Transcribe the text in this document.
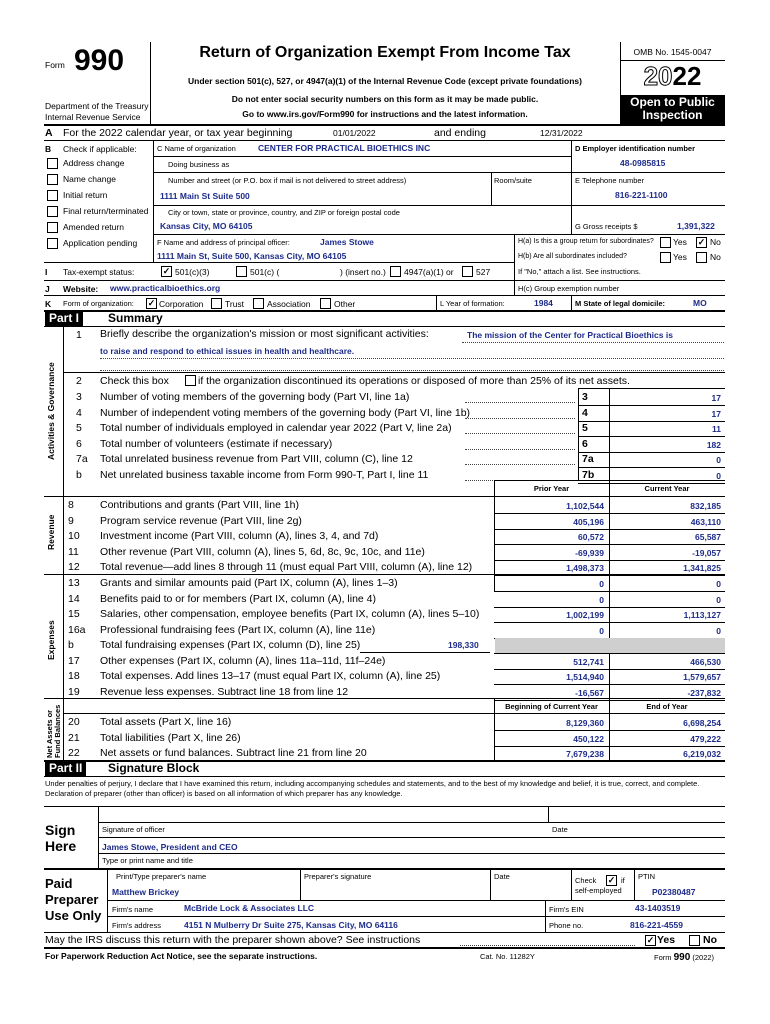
Form 990
Department of the Treasury
Internal Revenue Service
Return of Organization Exempt From Income Tax
Under section 501(c), 527, or 4947(a)(1) of the Internal Revenue Code (except private foundations)
Do not enter social security numbers on this form as it may be made public.
Go to www.irs.gov/Form990 for instructions and the latest information.
OMB No. 1545-0047
2022
Open to Public
Inspection
A For the 2022 calendar year, or tax year beginning	01/01/2022	and ending	12/31/2022
B Check if applicable:
Address change
Name change
Initial return
Final return/terminated
Amended return
Application pending
C Name of organization	CENTER FOR PRACTICAL BIOETHICS INC
Doing business as
Number and street (or P.O. box if mail is not delivered to street address)	Room/suite
1111 Main St Suite 500
City or town, state or province, country, and ZIP or foreign postal code
Kansas City, MO 64105
F Name and address of principal officer:	James Stowe
1111 Main St, Suite 500, Kansas City, MO 64105
D Employer identification number
48-0985815
E Telephone number
816-221-1100
G Gross receipts $	1,391,322
H(a) Is this a group return for subordinates? Yes ✓ No
H(b) Are all subordinates included?	Yes	No
If "No," attach a list. See instructions.
I Tax-exempt status:	✓ 501(c)(3)	501(c) (	) (insert no.) 4947(a)(1) or	527
J Website: www.practicalbioethics.org	H(c) Group exemption number
K Form of organization: ✓ Corporation	Trust	Association	Other	L Year of formation:	1984	M State of legal domicile:	MO
Part I	Summary
Activities & Governance
Revenue
Expenses
Net Assets or Fund Balances
1 Briefly describe the organization's mission or most significant activities:	The mission of the Center for Practical Bioethics is
to raise and respond to ethical issues in health and healthcare.
2 Check this box	if the organization discontinued its operations or disposed of more than 25% of its net assets.
3 Number of voting members of the governing body (Part VI, line 1a)	3	17
4 Number of independent voting members of the governing body (Part VI, line 1b)	4	17
5 Total number of individuals employed in calendar year 2022 (Part V, line 2a)	5	11
6 Total number of volunteers (estimate if necessary)	6	182
7a Total unrelated business revenue from Part VIII, column (C), line 12	7a	0
b Net unrelated business taxable income from Form 990-T, Part I, line 11	7b	0
Prior Year	Current Year
8 Contributions and grants (Part VIII, line 1h)	1,102,544	832,185
9 Program service revenue (Part VIII, line 2g)	405,196	463,110
10 Investment income (Part VIII, column (A), lines 3, 4, and 7d)	60,572	65,587
11 Other revenue (Part VIII, column (A), lines 5, 6d, 8c, 9c, 10c, and 11e)	-69,939	-19,057
12 Total revenue—add lines 8 through 11 (must equal Part VIII, column (A), line 12)	1,498,373	1,341,825
13 Grants and similar amounts paid (Part IX, column (A), lines 1–3)	0	0
14 Benefits paid to or for members (Part IX, column (A), line 4)	0	0
15 Salaries, other compensation, employee benefits (Part IX, column (A), lines 5–10)	1,002,199	1,113,127
16a Professional fundraising fees (Part IX, column (A), line 11e)	0	0
b Total fundraising expenses (Part IX, column (D), line 25)	198,330
17 Other expenses (Part IX, column (A), lines 11a–11d, 11f–24e)	512,741	466,530
18 Total expenses. Add lines 13–17 (must equal Part IX, column (A), line 25)	1,514,940	1,579,657
19 Revenue less expenses. Subtract line 18 from line 12	-16,567	-237,832
Beginning of Current Year	End of Year
20 Total assets (Part X, line 16)	8,129,360	6,698,254
21 Total liabilities (Part X, line 26)	450,122	479,222
22 Net assets or fund balances. Subtract line 21 from line 20	7,679,238	6,219,032
Part II	Signature Block
Under penalties of perjury, I declare that I have examined this return, including accompanying schedules and statements, and to the best of my knowledge and belief, it is true, correct, and complete. Declaration of preparer (other than officer) is based on all information of which preparer has any knowledge.
Sign
Here
Signature of officer	Date
James Stowe, President and CEO
Type or print name and title
Paid
Preparer
Use Only
Print/Type preparer's name	Preparer's signature	Date	Check ✓ if
self-employed
PTIN
Matthew Brickey	P02380487
Firm's name	McBride Lock & Associates LLC	Firm's EIN	43-1403519
Firm's address	4151 N Mulberry Dr Suite 275, Kansas City, MO 64116	Phone no.	816-221-4559
May the IRS discuss this return with the preparer shown above? See instructions	✓ Yes	No
For Paperwork Reduction Act Notice, see the separate instructions.	Cat. No. 11282Y	Form 990 (2022)
